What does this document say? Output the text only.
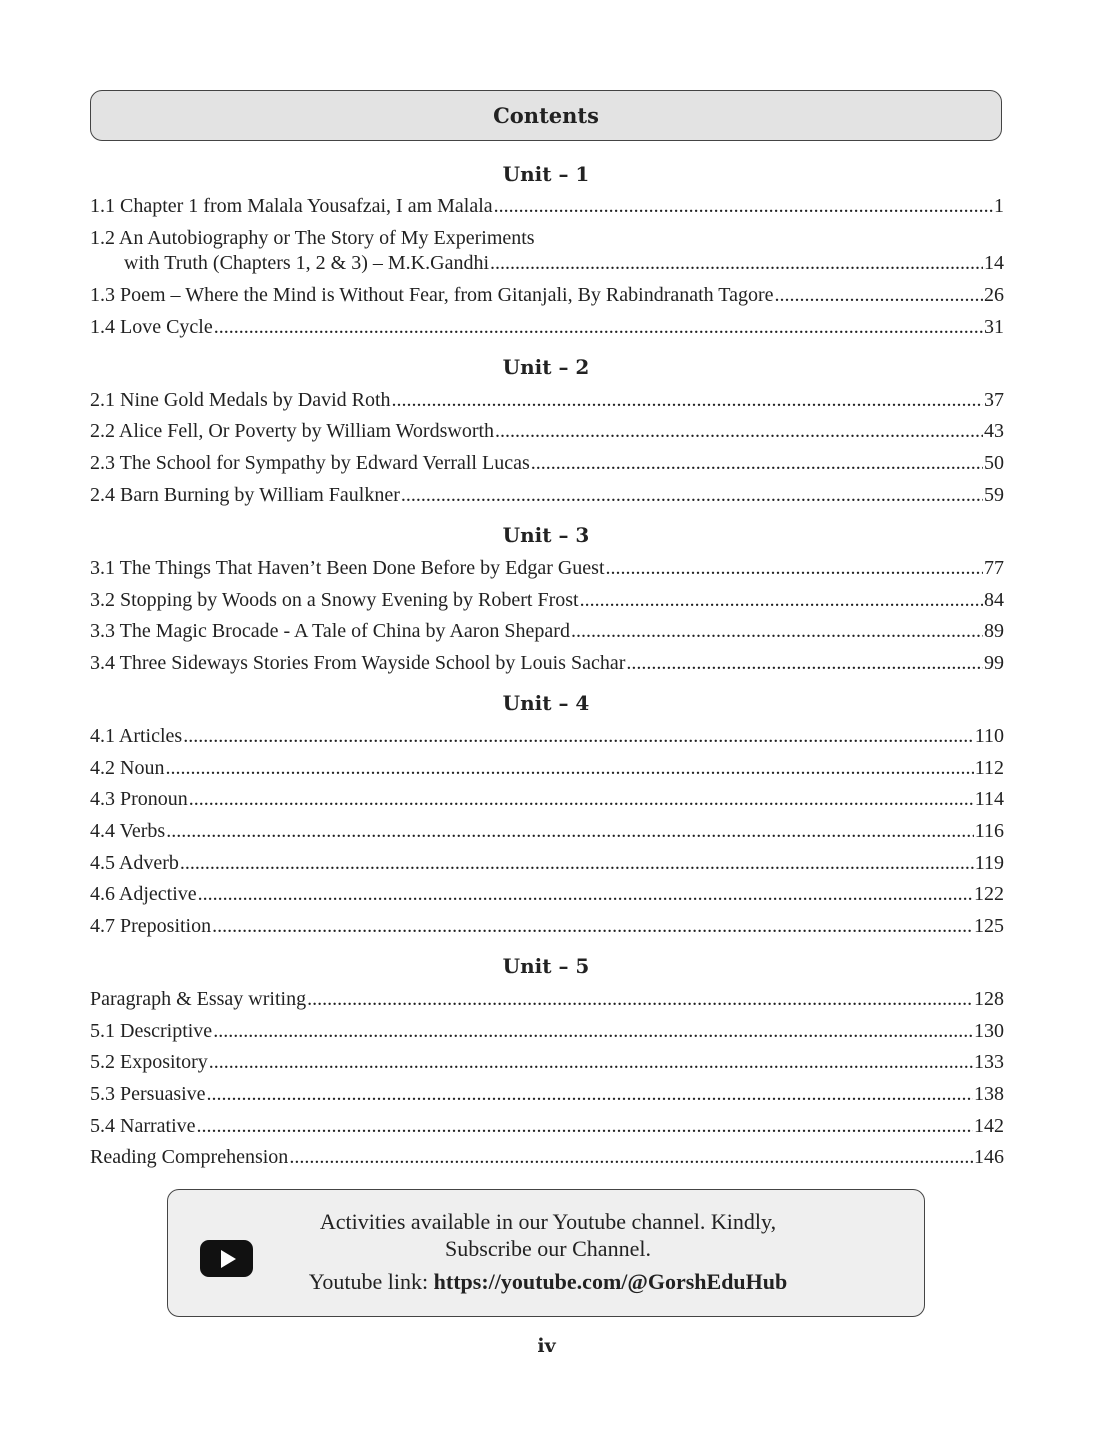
Contents
Unit – 1
1.1 Chapter 1 from Malala Yousafzai, I am Malala .....	1
1.2 An Autobiography or The Story of My Experiments
with Truth (Chapters 1, 2 & 3) – M.K.Gandhi .....	14
1.3 Poem – Where the Mind is Without Fear, from Gitanjali, By Rabindranath Tagore .....	26
1.4 Love Cycle .....	31
Unit – 2
2.1 Nine Gold Medals by David Roth .....	37
2.2 Alice Fell, Or Poverty by William Wordsworth .....	43
2.3 The School for Sympathy by Edward Verrall Lucas .....	50
2.4 Barn Burning by William Faulkner .....	59
Unit – 3
3.1 The Things That Haven’t Been Done Before by Edgar Guest .....	77
3.2 Stopping by Woods on a Snowy Evening by Robert Frost .....	84
3.3 The Magic Brocade - A Tale of China by Aaron Shepard .....	89
3.4 Three Sideways Stories From Wayside School by Louis Sachar .....	99
Unit – 4
4.1 Articles .....	110
4.2 Noun .....	112
4.3 Pronoun .....	114
4.4 Verbs .....	116
4.5 Adverb .....	119
4.6 Adjective .....	122
4.7 Preposition .....	125
Unit – 5
Paragraph & Essay writing .....	128
5.1 Descriptive .....	130
5.2 Expository .....	133
5.3 Persuasive .....	138
5.4 Narrative .....	142
Reading Comprehension .....	146
Activities available in our Youtube channel. Kindly,
Subscribe our Channel.
Youtube link: https://youtube.com/@GorshEduHub
iv
